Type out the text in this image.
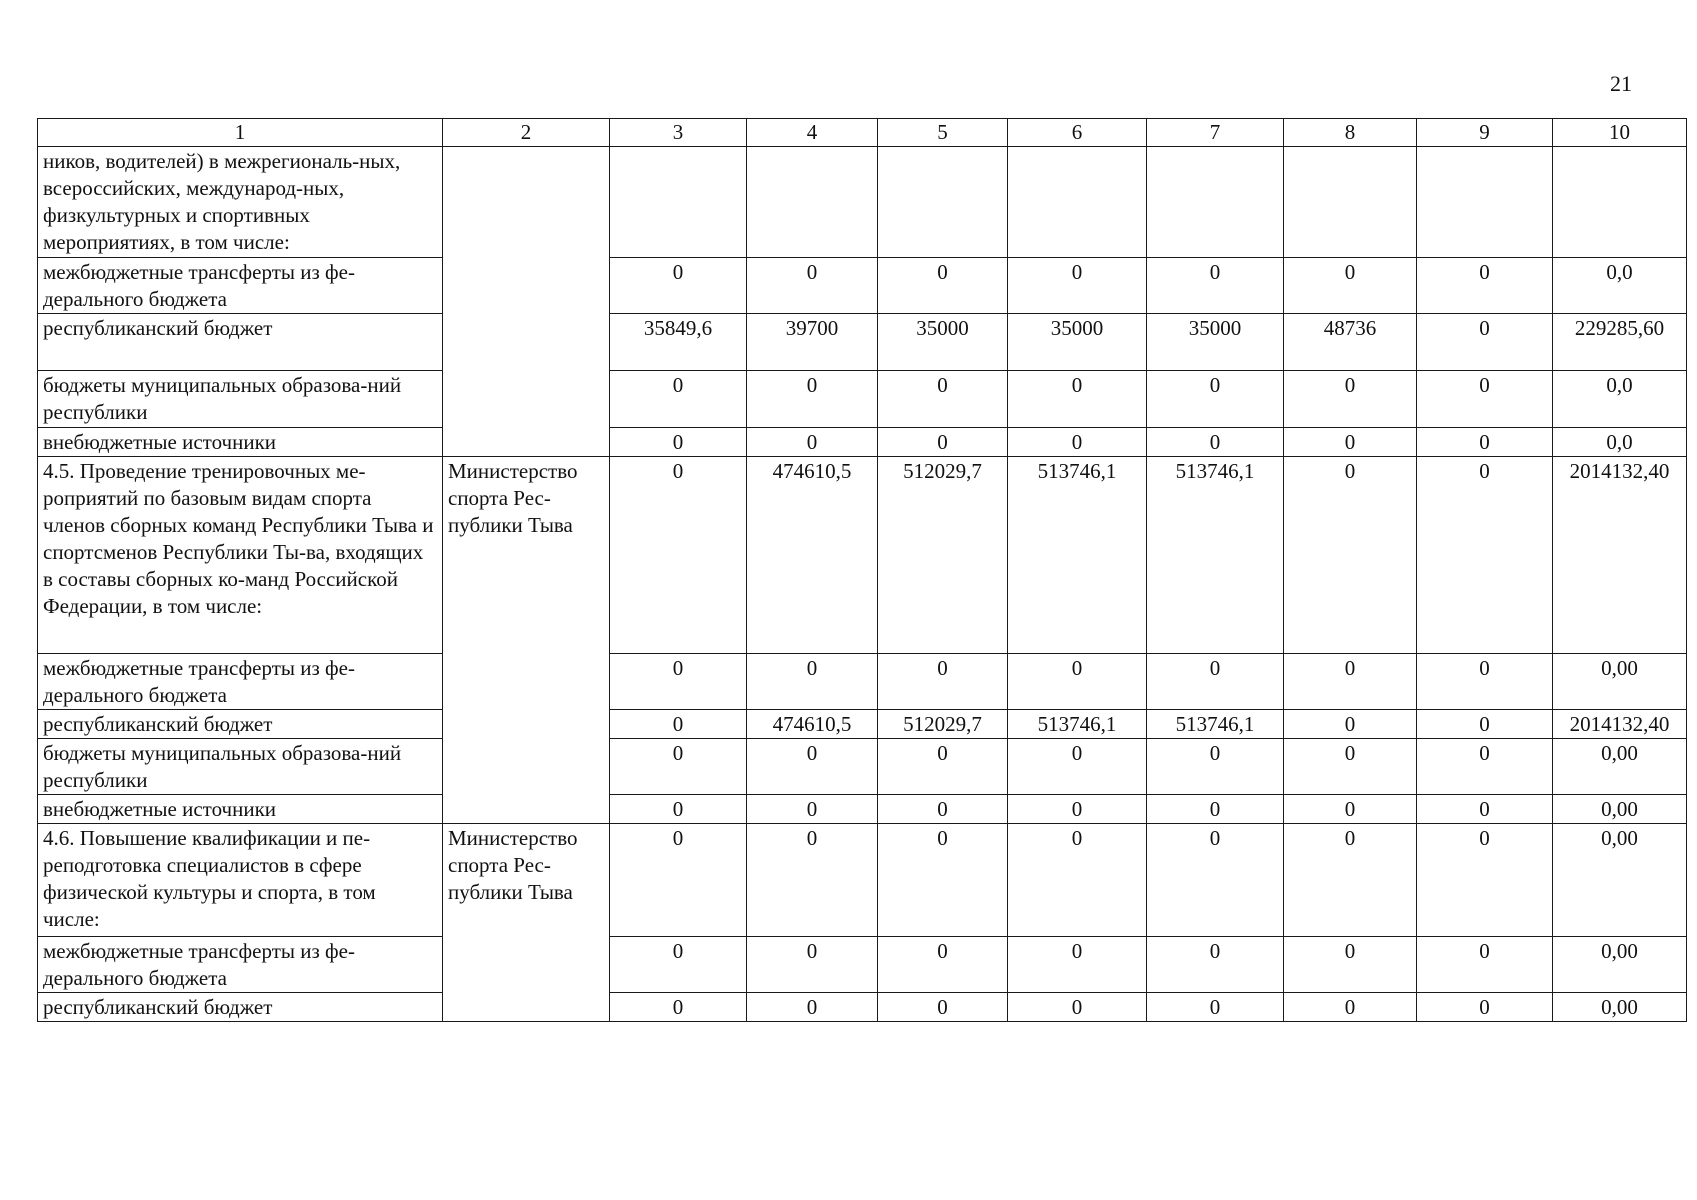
21
1	2	3	4	5	6	7	8	9	10
ников, водителей) в межрегиональ-ных, всероссийских, международ-ных, физкультурных и спортивных мероприятиях, в том числе:									
межбюджетные трансферты из фе-дерального бюджета		0	0	0	0	0	0	0	0,0
республиканский бюджет		35849,6	39700	35000	35000	35000	48736	0	229285,60
бюджеты муниципальных образова-ний республики		0	0	0	0	0	0	0	0,0
внебюджетные источники		0	0	0	0	0	0	0	0,0
4.5. Проведение тренировочных ме-роприятий по базовым видам спорта членов сборных команд Республики Тыва и спортсменов Республики Ты-ва, входящих в составы сборных ко-манд Российской Федерации, в том числе:	Министерство спорта Рес-публики Тыва	0	474610,5	512029,7	513746,1	513746,1	0	0	2014132,40
межбюджетные трансферты из фе-дерального бюджета		0	0	0	0	0	0	0	0,00
республиканский бюджет		0	474610,5	512029,7	513746,1	513746,1	0	0	2014132,40
бюджеты муниципальных образова-ний республики		0	0	0	0	0	0	0	0,00
внебюджетные источники		0	0	0	0	0	0	0	0,00
4.6. Повышение квалификации и пе-реподготовка специалистов в сфере физической культуры и спорта, в том числе:	Министерство спорта Рес-публики Тыва	0	0	0	0	0	0	0	0,00
межбюджетные трансферты из фе-дерального бюджета		0	0	0	0	0	0	0	0,00
республиканский бюджет		0	0	0	0	0	0	0	0,00
